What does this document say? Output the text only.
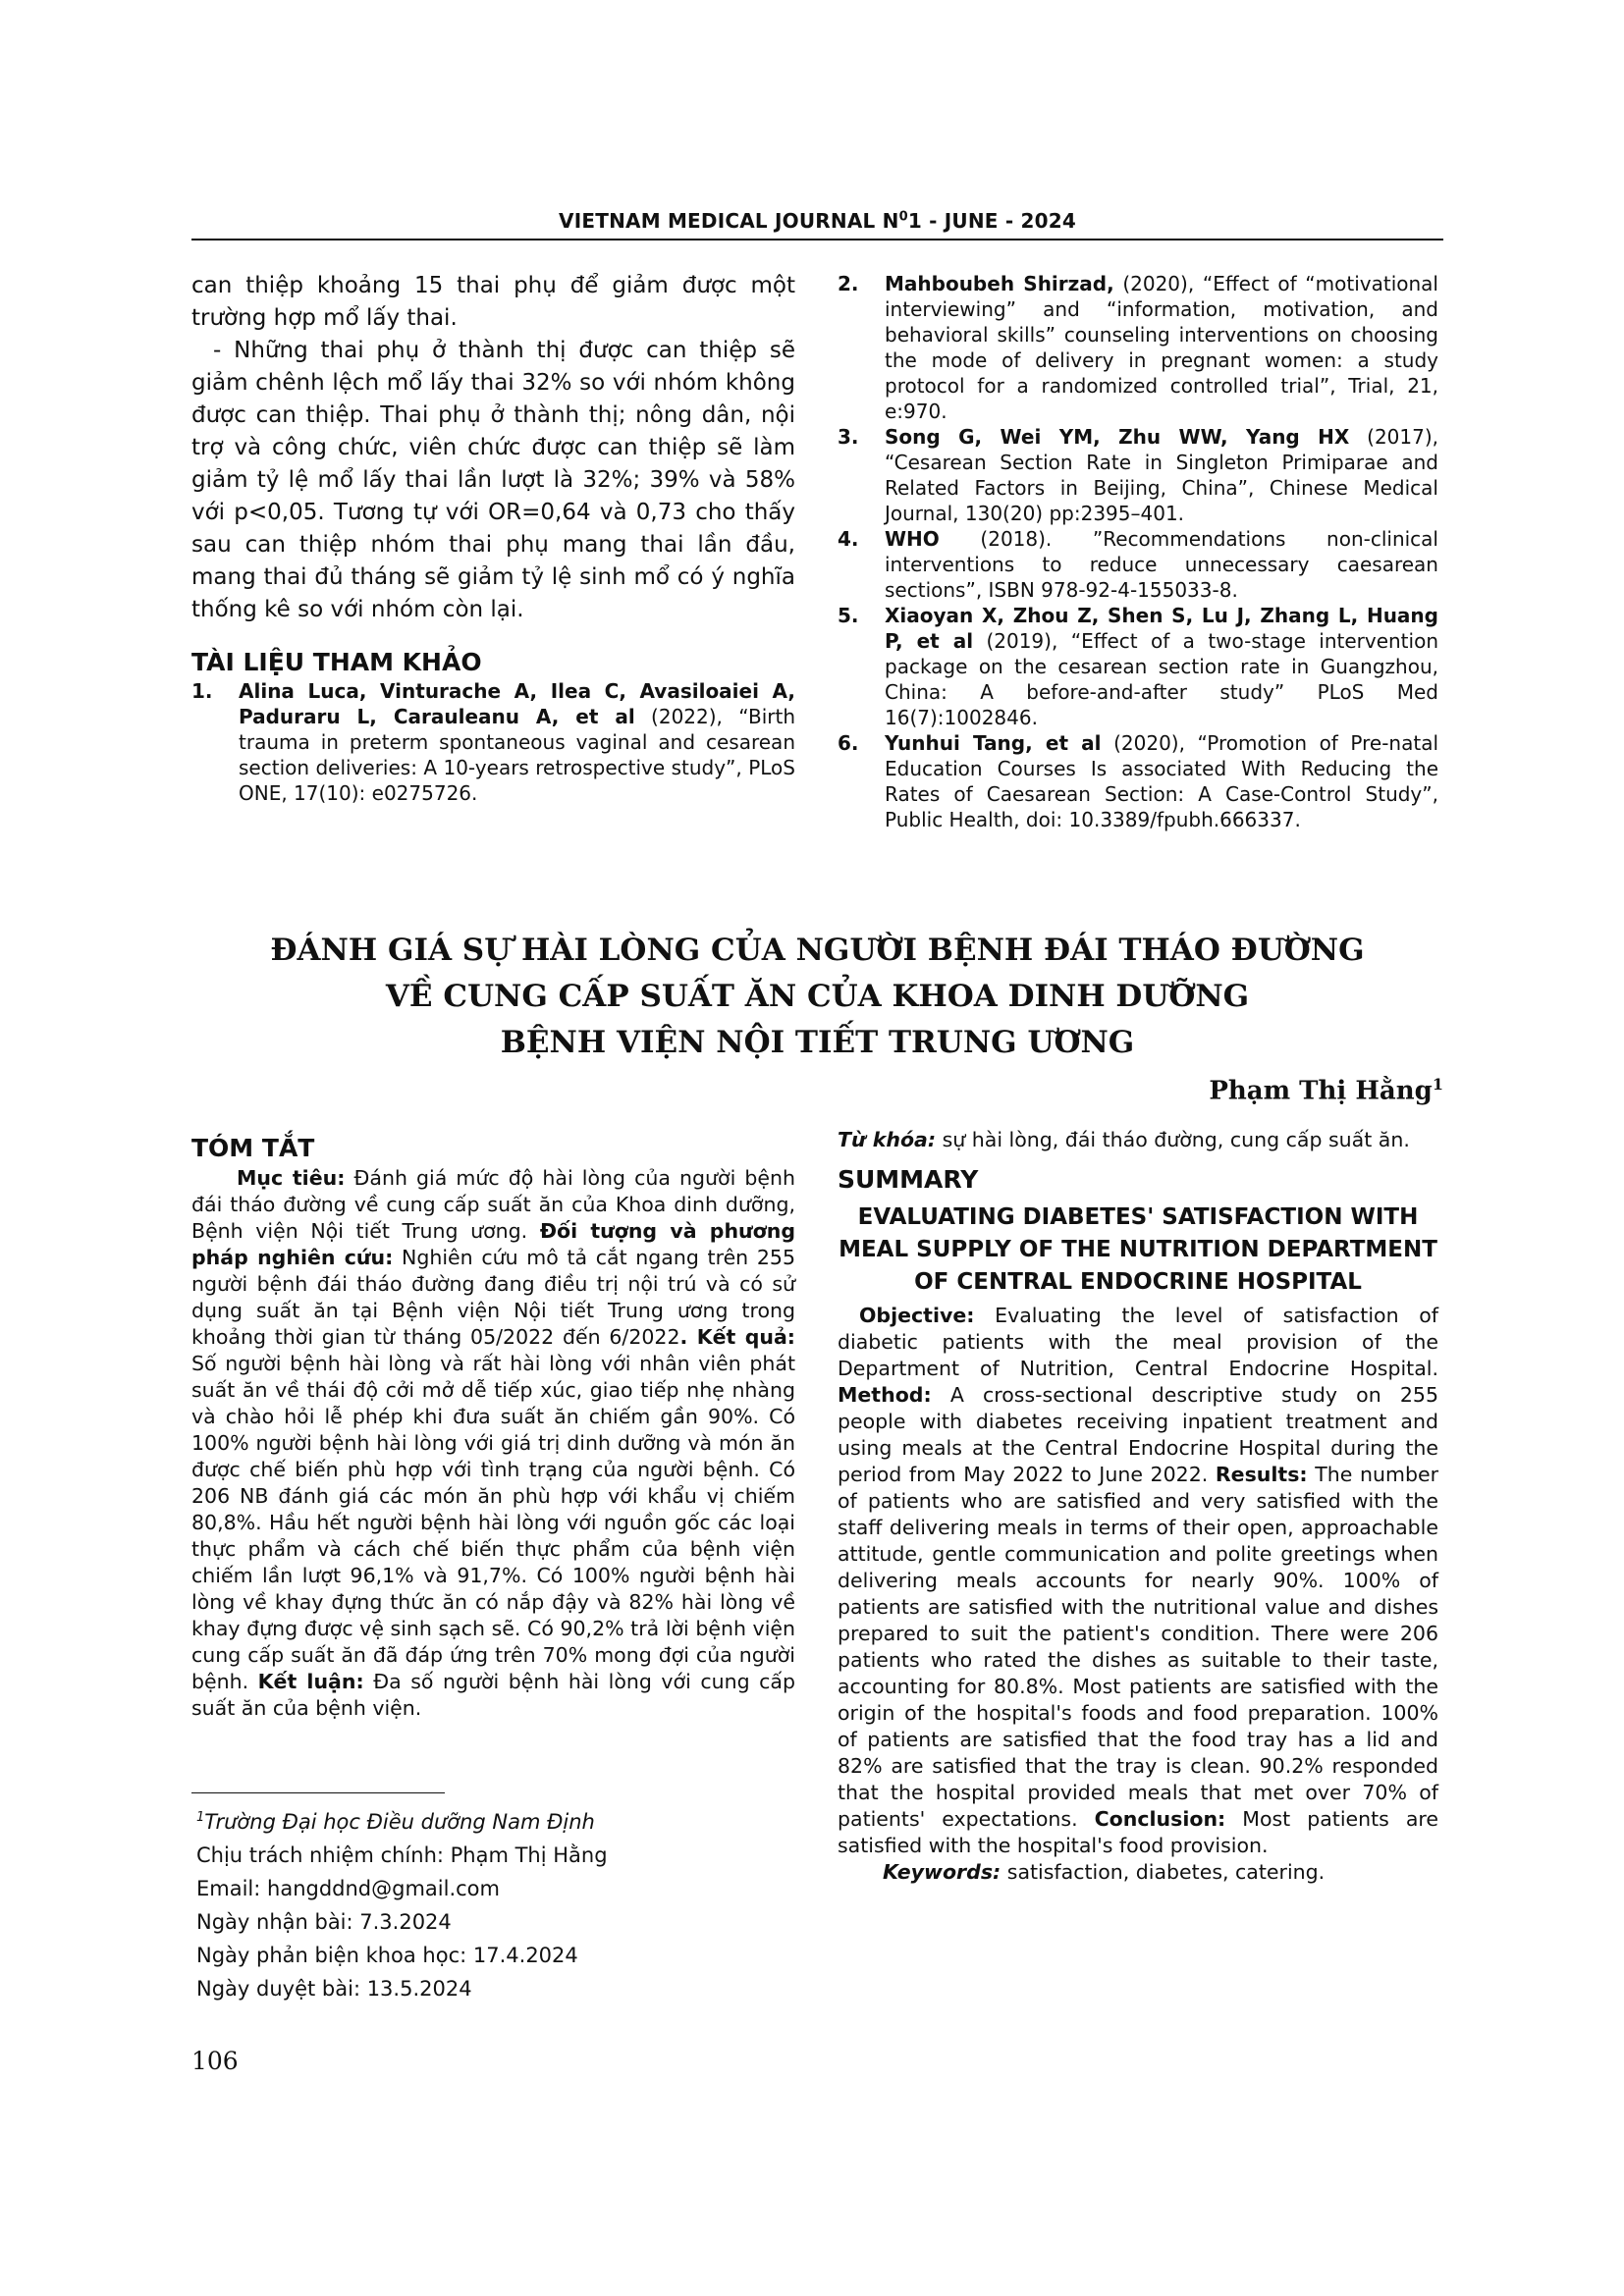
VIETNAM MEDICAL JOURNAL $N^01$ - JUNE - 2024

can thiệp khoảng 15 thai phụ để giảm được một trường hợp mổ lấy thai.

- Những thai phụ ở thành thị được can thiệp sẽ giảm chênh lệch mổ lấy thai 32% so với nhóm không được can thiệp. Thai phụ ở thành thị; nông dân, nội trợ và công chức, viên chức được can thiệp sẽ làm giảm tỷ lệ mổ lấy thai lần lượt là 32%; 39% và 58% với p<0,05. Tương tự với OR=0,64 và 0,73 cho thấy sau can thiệp nhóm thai phụ mang thai lần đầu, mang thai đủ tháng sẽ giảm tỷ lệ sinh mổ có ý nghĩa thống kê so với nhóm còn lại.

TÀI LIỆU THAM KHẢO

1.	Alina Luca, Vinturache A, Ilea C, Avasiloaiei A, Paduraru L, Carauleanu A, et al (2022), “Birth trauma in preterm spontaneous vaginal and cesarean section deliveries: A 10-years retrospective study”, PLoS ONE, 17(10): e0275726.
2.	Mahboubeh Shirzad, (2020), “Effect of “motivational interviewing” and “information, motivation, and behavioral skills” counseling interventions on choosing the mode of delivery in pregnant women: a study protocol for a randomized controlled trial”, Trial, 21, e:970.
3.	Song G, Wei YM, Zhu WW, Yang HX (2017), “Cesarean Section Rate in Singleton Primiparae and Related Factors in Beijing, China”, Chinese Medical Journal, 130(20) pp:2395–401.
4.	WHO (2018). ”Recommendations non-clinical interventions to reduce unnecessary caesarean sections”, ISBN 978-92-4-155033-8.
5.	Xiaoyan X, Zhou Z, Shen S, Lu J, Zhang L, Huang P, et al (2019), “Effect of a two-stage intervention package on the cesarean section rate in Guangzhou, China: A before-and-after study” PLoS Med 16(7):1002846.
6.	Yunhui Tang, et al (2020), “Promotion of Pre-natal Education Courses Is associated With Reducing the Rates of Caesarean Section: A Case-Control Study”, Public Health, doi: 10.3389/fpubh.666337.
ĐÁNH GIÁ SỰ HÀI LÒNG CỦA NGƯỜI BỆNH ĐÁI THÁO ĐƯỜNG
VỀ CUNG CẤP SUẤT ĂN CỦA KHOA DINH DƯỠNG
BỆNH VIỆN NỘI TIẾT TRUNG ƯƠNG
Phạm Thị Hằng$^1$

TÓM TẮT

Mục tiêu: Đánh giá mức độ hài lòng của người bệnh đái tháo đường về cung cấp suất ăn của Khoa dinh dưỡng, Bệnh viện Nội tiết Trung ương. Đối tượng và phương pháp nghiên cứu: Nghiên cứu mô tả cắt ngang trên 255 người bệnh đái tháo đường đang điều trị nội trú và có sử dụng suất ăn tại Bệnh viện Nội tiết Trung ương trong khoảng thời gian từ tháng 05/2022 đến 6/2022. Kết quả: Số người bệnh hài lòng và rất hài lòng với nhân viên phát suất ăn về thái độ cởi mở dễ tiếp xúc, giao tiếp nhẹ nhàng và chào hỏi lễ phép khi đưa suất ăn chiếm gần 90%. Có 100% người bệnh hài lòng với giá trị dinh dưỡng và món ăn được chế biến phù hợp với tình trạng của người bệnh. Có 206 NB đánh giá các món ăn phù hợp với khẩu vị chiếm 80,8%. Hầu hết người bệnh hài lòng với nguồn gốc các loại thực phẩm và cách chế biến thực phẩm của bệnh viện chiếm lần lượt 96,1% và 91,7%. Có 100% người bệnh hài lòng về khay đựng thức ăn có nắp đậy và 82% hài lòng về khay đựng được vệ sinh sạch sẽ. Có 90,2% trả lời bệnh viện cung cấp suất ăn đã đáp ứng trên 70% mong đợi của người bệnh. Kết luận: Đa số người bệnh hài lòng với cung cấp suất ăn của bệnh viện.

Từ khóa: sự hài lòng, đái tháo đường, cung cấp suất ăn.

SUMMARY

EVALUATING DIABETES' SATISFACTION WITH MEAL SUPPLY OF THE NUTRITION DEPARTMENT OF CENTRAL ENDOCRINE HOSPITAL

Objective: Evaluating the level of satisfaction of diabetic patients with the meal provision of the Department of Nutrition, Central Endocrine Hospital. Method: A cross-sectional descriptive study on 255 people with diabetes receiving inpatient treatment and using meals at the Central Endocrine Hospital during the period from May 2022 to June 2022. Results: The number of patients who are satisfied and very satisfied with the staff delivering meals in terms of their open, approachable attitude, gentle communication and polite greetings when delivering meals accounts for nearly 90%. 100% of patients are satisfied with the nutritional value and dishes prepared to suit the patient's condition. There were 206 patients who rated the dishes as suitable to their taste, accounting for 80.8%. Most patients are satisfied with the origin of the hospital's foods and food preparation. 100% of patients are satisfied that the food tray has a lid and 82% are satisfied that the tray is clean. 90.2% responded that the hospital provided meals that met over 70% of patients' expectations. Conclusion: Most patients are satisfied with the hospital's food provision.

Keywords: satisfaction, diabetes, catering.

$^1$Trường Đại học Điều dưỡng Nam Định
Chịu trách nhiệm chính: Phạm Thị Hằng
Email: hangddnd@gmail.com
Ngày nhận bài: 7.3.2024
Ngày phản biện khoa học: 17.4.2024
Ngày duyệt bài: 13.5.2024
106
